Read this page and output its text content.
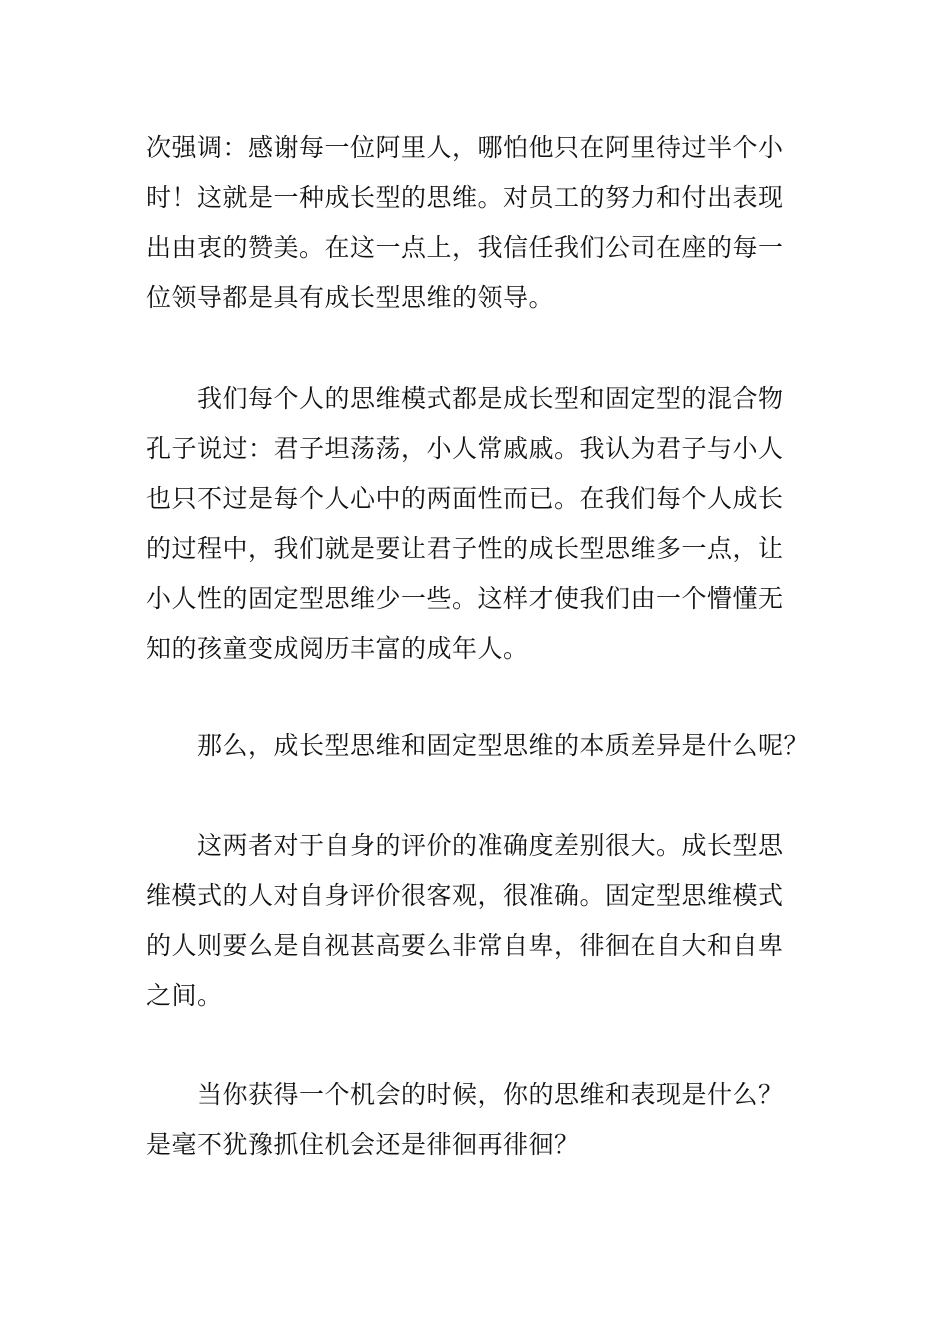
次强调：感谢每一位阿里人，哪怕他只在阿里待过半个小
时！这就是一种成长型的思维。对员工的努力和付出表现
出由衷的赞美。在这一点上，我信任我们公司在座的每一
位领导都是具有成长型思维的领导。
我们每个人的思维模式都是成长型和固定型的混合物
孔子说过：君子坦荡荡，小人常戚戚。我认为君子与小人
也只不过是每个人心中的两面性而已。在我们每个人成长
的过程中，我们就是要让君子性的成长型思维多一点，让
小人性的固定型思维少一些。这样才使我们由一个懵懂无
知的孩童变成阅历丰富的成年人。
那么，成长型思维和固定型思维的本质差异是什么呢？
这两者对于自身的评价的准确度差别很大。成长型思
维模式的人对自身评价很客观，很准确。固定型思维模式
的人则要么是自视甚高要么非常自卑，徘徊在自大和自卑
之间。
当你获得一个机会的时候，你的思维和表现是什么？
是毫不犹豫抓住机会还是徘徊再徘徊？
